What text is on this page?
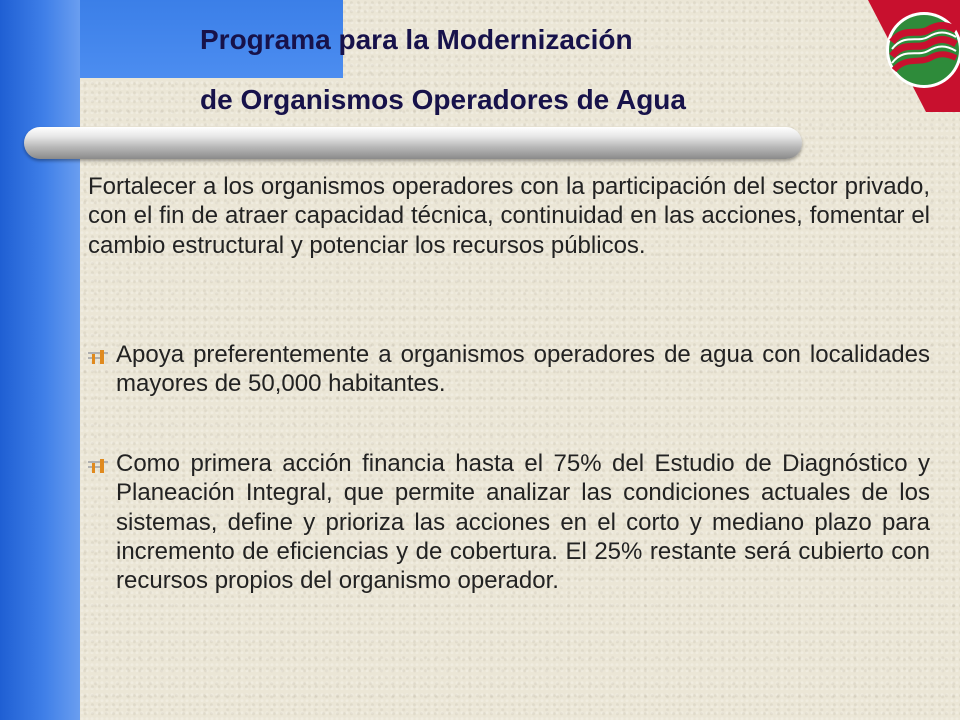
Programa para la Modernización
de Organismos Operadores de Agua

Fortalecer a los organismos operadores con la participación del sector privado, con el fin de atraer capacidad técnica, continuidad en las acciones, fomentar el cambio estructural y potenciar los recursos públicos.

Apoya preferentemente a organismos operadores de agua con localidades mayores de 50,000 habitantes.

Como primera acción financia hasta el 75% del Estudio de Diagnóstico y Planeación Integral, que permite analizar las condiciones actuales de los sistemas, define y prioriza las acciones en el corto y mediano plazo para incremento de eficiencias y de cobertura. El 25% restante será cubierto con recursos propios del organismo operador.
